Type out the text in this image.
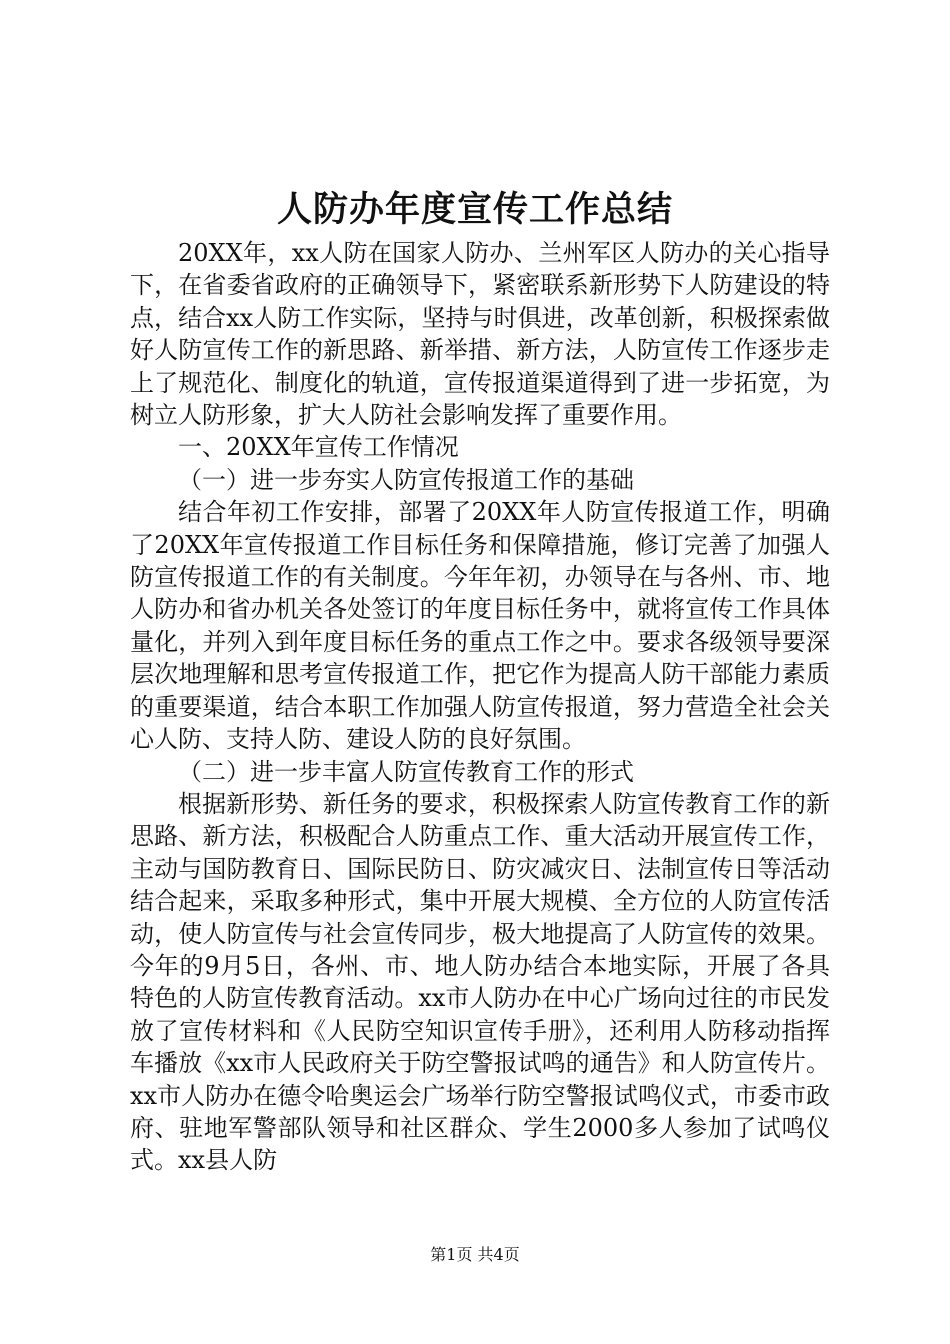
人防办年度宣传工作总结

20XX年，xx人防在国家人防办、兰州军区人防办的关心指导下，在省委省政府的正确领导下，紧密联系新形势下人防建设的特点，结合xx人防工作实际，坚持与时俱进，改革创新，积极探索做好人防宣传工作的新思路、新举措、新方法，人防宣传工作逐步走上了规范化、制度化的轨道，宣传报道渠道得到了进一步拓宽，为树立人防形象，扩大人防社会影响发挥了重要作用。

一、20XX年宣传工作情况

（一）进一步夯实人防宣传报道工作的基础

结合年初工作安排，部署了20XX年人防宣传报道工作，明确了20XX年宣传报道工作目标任务和保障措施，修订完善了加强人防宣传报道工作的有关制度。今年年初，办领导在与各州、市、地人防办和省办机关各处签订的年度目标任务中，就将宣传工作具体量化，并列入到年度目标任务的重点工作之中。要求各级领导要深层次地理解和思考宣传报道工作，把它作为提高人防干部能力素质的重要渠道，结合本职工作加强人防宣传报道，努力营造全社会关心人防、支持人防、建设人防的良好氛围。

（二）进一步丰富人防宣传教育工作的形式

根据新形势、新任务的要求，积极探索人防宣传教育工作的新思路、新方法，积极配合人防重点工作、重大活动开展宣传工作，主动与国防教育日、国际民防日、防灾减灾日、法制宣传日等活动结合起来，采取多种形式，集中开展大规模、全方位的人防宣传活动，使人防宣传与社会宣传同步，极大地提高了人防宣传的效果。今年的9月5日，各州、市、地人防办结合本地实际，开展了各具特色的人防宣传教育活动。xx市人防办在中心广场向过往的市民发放了宣传材料和《人民防空知识宣传手册》，还利用人防移动指挥车播放《xx市人民政府关于防空警报试鸣的通告》和人防宣传片。xx市人防办在德令哈奥运会广场举行防空警报试鸣仪式，市委市政府、驻地军警部队领导和社区群众、学生2000多人参加了试鸣仪式。xx县人防

第1页 共4页
